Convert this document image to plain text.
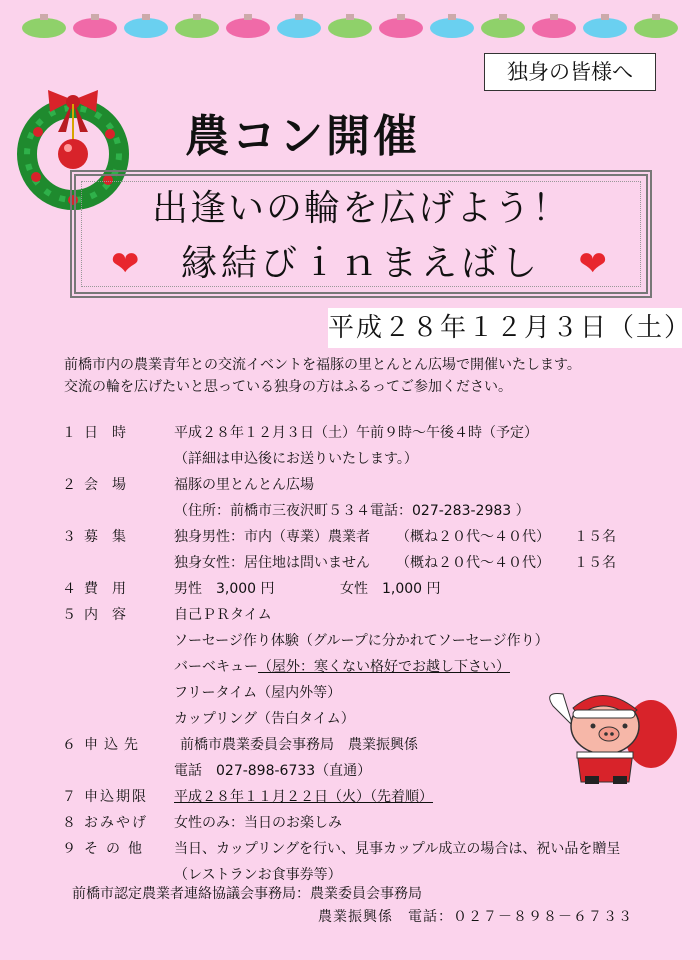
独身の皆様へ
農コン開催
出逢いの輪を広げよう！
❤ 縁結びｉｎまえばし ❤
平成２８年１２月３日（土）
前橋市内の農業青年との交流イベントを福豚の里とんとん広場で開催いたします。
交流の輪を広げたいと思っている独身の方はふるってご参加ください。
１ 日時	平成２８年１２月３日（土）午前９時～午後４時（予定）
（詳細は申込後にお送りいたします。）
２ 会場	福豚の里とんとん広場
（住所：前橋市三夜沢町５３４電話：027-283-2983 ）
３ 募集	独身男性：市内（専業）農業者 （概ね２０代～４０代） １５名
独身女性：居住地は問いません （概ね２０代～４０代） １５名
４ 費用	男性　3,000 円	女性　1,000 円
５ 内容	自己ＰＲタイム
ソーセージ作り体験（グループに分かれてソーセージ作り）
バーベキュー（屋外：寒くない格好でお越し下さい）
フリータイム（屋内外等）
カップリング（告白タイム）
６ 申込先	前橋市農業委員会事務局　農業振興係
電話　027-898-6733（直通）
７ 申込期限	平成２８年１１月２２日（火）（先着順）
８ おみやげ	女性のみ：当日のお楽しみ
９ その他	当日、カップリングを行い、見事カップル成立の場合は、祝い品を贈呈
（レストランお食事券等）
前橋市認定農業者連絡協議会事務局：農業委員会事務局
農業振興係　電話：０２７－８９８－６７３３
